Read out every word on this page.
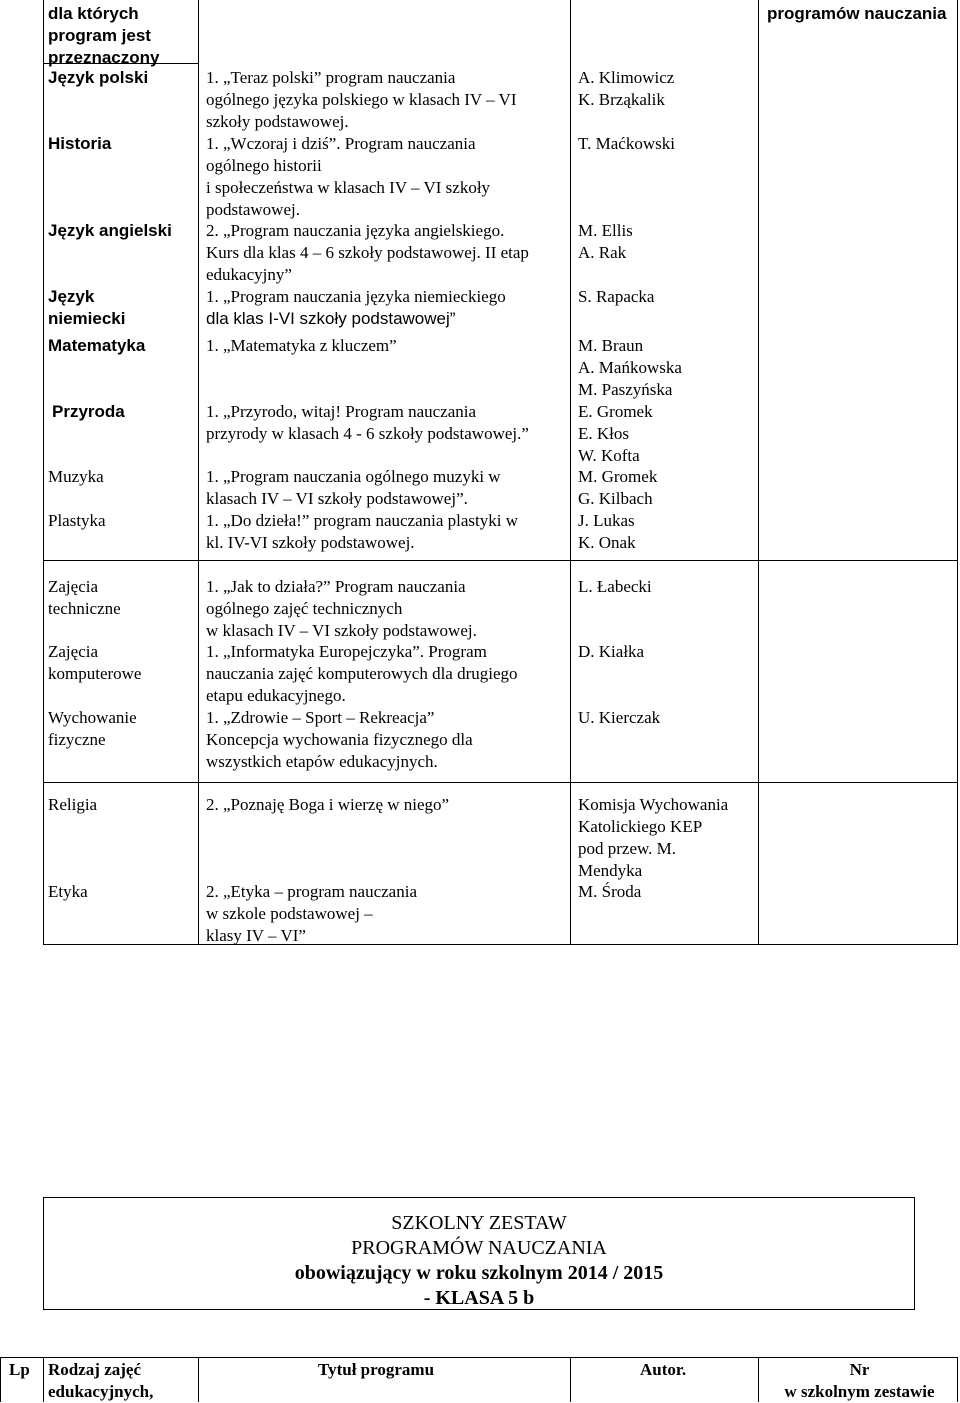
dla których
program jest
przeznaczony
programów nauczania
Język polski
Historia
Język angielski
Język
niemiecki
Matematyka
Przyroda
Muzyka
Plastyka
Zajęcia
techniczne
Zajęcia
komputerowe
Wychowanie
fizyczne
Religia
Etyka
1. „Teraz polski” program nauczania
ogólnego języka polskiego w klasach IV – VI
szkoły podstawowej.
1. „Wczoraj i dziś”. Program nauczania
ogólnego historii
i społeczeństwa w klasach IV – VI szkoły
podstawowej.
2. „Program nauczania języka angielskiego.
Kurs dla klas 4 – 6 szkoły podstawowej. II etap
edukacyjny”
1. „Program nauczania języka niemieckiego
dla klas I-VI szkoły podstawowej”
1. „Matematyka z kluczem”
1. „Przyrodo, witaj! Program nauczania
przyrody w klasach 4 - 6 szkoły podstawowej.”
1. „Program nauczania ogólnego muzyki w
klasach IV – VI szkoły podstawowej”.
1. „Do dzieła!” program nauczania plastyki w
kl. IV-VI szkoły podstawowej.
1. „Jak to działa?” Program nauczania
ogólnego zajęć technicznych
w klasach IV – VI szkoły podstawowej.
1. „Informatyka Europejczyka”. Program
nauczania zajęć komputerowych dla drugiego
etapu edukacyjnego.
1. „Zdrowie – Sport – Rekreacja”
Koncepcja wychowania fizycznego dla
wszystkich etapów edukacyjnych.
2. „Poznaję Boga i wierzę w niego”
2. „Etyka – program nauczania
w szkole podstawowej –
klasy IV – VI”
A. Klimowicz
K. Brząkalik
T. Maćkowski
M. Ellis
A. Rak
S. Rapacka
M. Braun
A. Mańkowska
M. Paszyńska
E. Gromek
E. Kłos
W. Kofta
M. Gromek
G. Kilbach
J. Lukas
K. Onak
L. Łabecki
D. Kiałka
U. Kierczak
Komisja Wychowania
Katolickiego KEP
pod przew. M.
Mendyka
M. Środa
SZKOLNY ZESTAW
PROGRAMÓW NAUCZANIA
obowiązujący w roku szkolnym 2014 / 2015
- KLASA 5 b
Lp Rodzaj zajęć
edukacyjnych,
Tytuł programu	Autor.	Nr
w szkolnym zestawie
